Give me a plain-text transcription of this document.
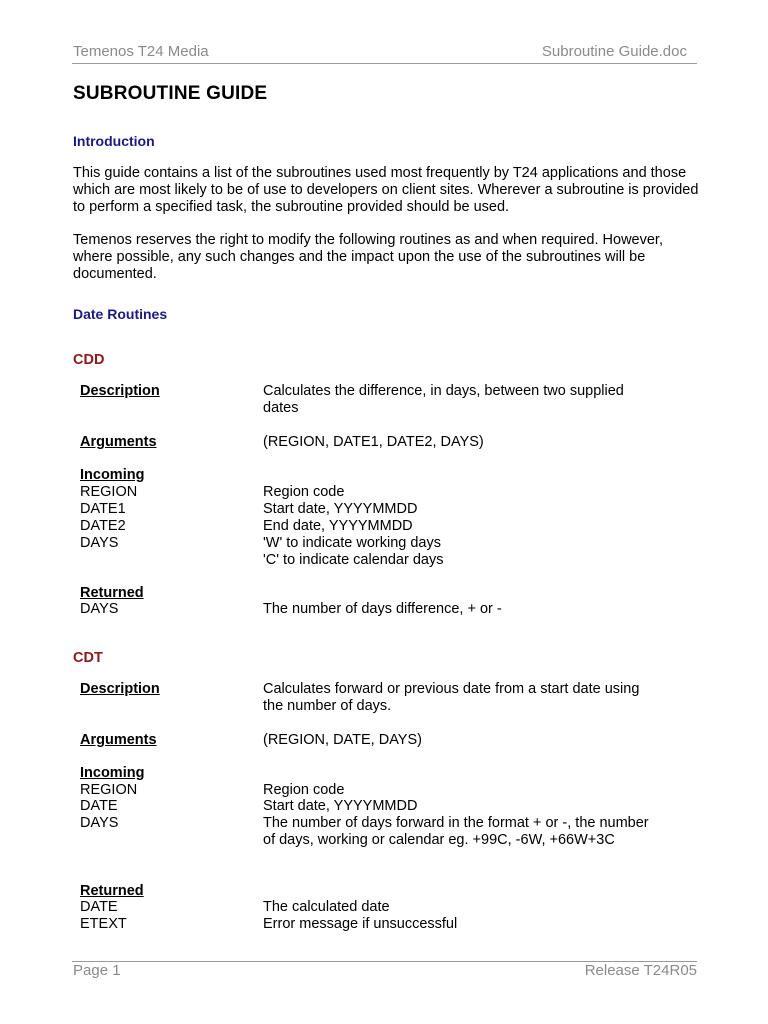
Temenos T24 Media	Subroutine Guide.doc
SUBROUTINE GUIDE
Introduction
This guide contains a list of the subroutines used most frequently by T24 applications and those which are most likely to be of use to developers on client sites. Wherever a subroutine is provided to perform a specified task, the subroutine provided should be used.
Temenos reserves the right to modify the following routines as and when required. However, where possible, any such changes and the impact upon the use of the subroutines will be documented.
Date Routines
CDD
Description	Calculates the difference, in days, between two supplied dates
Arguments	(REGION, DATE1, DATE2, DAYS)
Incoming
REGION	Region code
DATE1	Start date, YYYYMMDD
DATE2	End date, YYYYMMDD
DAYS	'W' to indicate working days
'C' to indicate calendar days
Returned
DAYS	The number of days difference, + or -
CDT
Description	Calculates forward or previous date from a start date using the number of days.
Arguments	(REGION, DATE, DAYS)
Incoming
REGION	Region code
DATE	Start date, YYYYMMDD
DAYS	The number of days forward in the format + or -, the number of days, working or calendar eg. +99C, -6W, +66W+3C
Returned
DATE	The calculated date
ETEXT	Error message if unsuccessful
Page 1	Release T24R05
